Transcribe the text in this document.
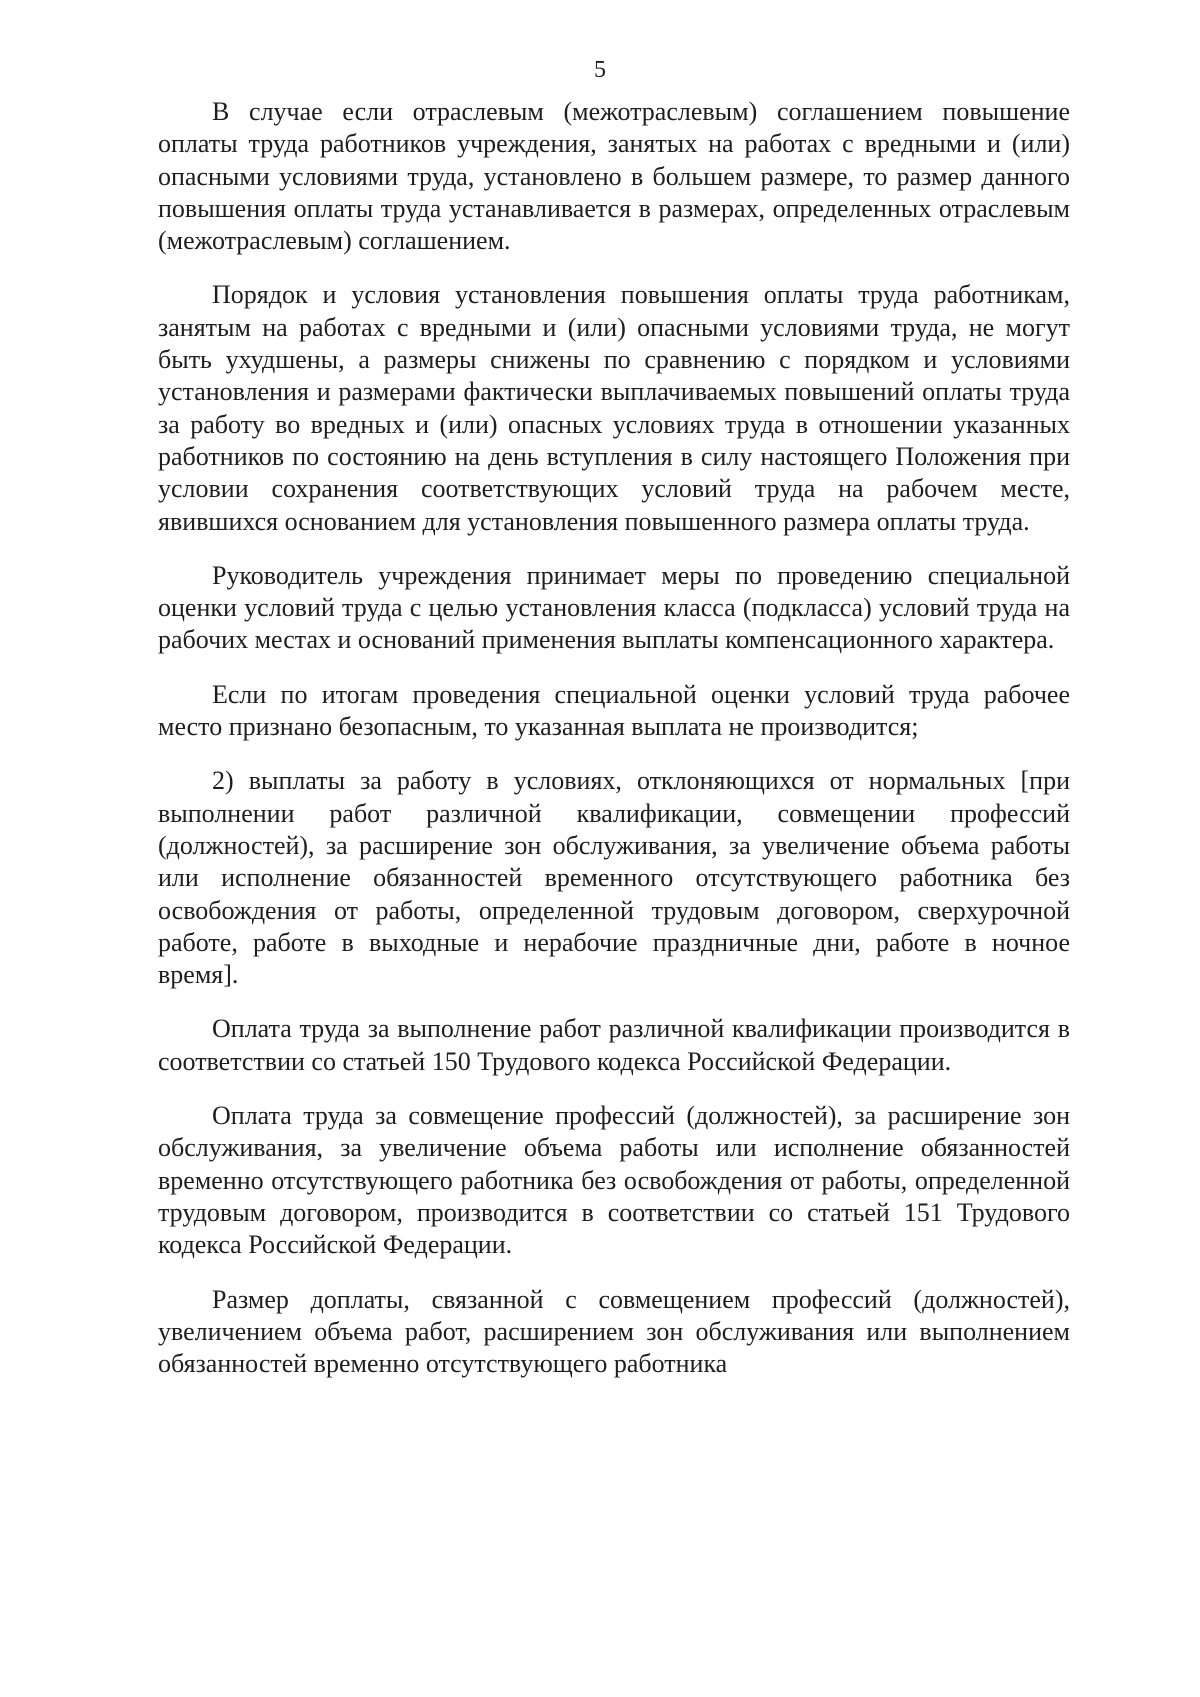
5

В случае если отраслевым (межотраслевым) соглашением повышение оплаты труда работников учреждения, занятых на работах с вредными и (или) опасными условиями труда, установлено в большем размере, то размер данного повышения оплаты труда устанавливается в размерах, определенных отраслевым (межотраслевым) соглашением.

Порядок и условия установления повышения оплаты труда работникам, занятым на работах с вредными и (или) опасными условиями труда, не могут быть ухудшены, а размеры снижены по сравнению с порядком и условиями установления и размерами фактически выплачиваемых повышений оплаты труда за работу во вредных и (или) опасных условиях труда в отношении указанных работников по состоянию на день вступления в силу настоящего Положения при условии сохранения соответствующих условий труда на рабочем месте, явившихся основанием для установления повышенного размера оплаты труда.

Руководитель учреждения принимает меры по проведению специальной оценки условий труда с целью установления класса (подкласса) условий труда на рабочих местах и оснований применения выплаты компенсационного характера.

Если по итогам проведения специальной оценки условий труда рабочее место признано безопасным, то указанная выплата не производится;

2) выплаты за работу в условиях, отклоняющихся от нормальных [при выполнении работ различной квалификации, совмещении профессий (должностей), за расширение зон обслуживания, за увеличение объема работы или исполнение обязанностей временного отсутствующего работника без освобождения от работы, определенной трудовым договором, сверхурочной работе, работе в выходные и нерабочие праздничные дни, работе в ночное время].

Оплата труда за выполнение работ различной квалификации производится в соответствии со статьей 150 Трудового кодекса Российской Федерации.

Оплата труда за совмещение профессий (должностей), за расширение зон обслуживания, за увеличение объема работы или исполнение обязанностей временно отсутствующего работника без освобождения от работы, определенной трудовым договором, производится в соответствии со статьей 151 Трудового кодекса Российской Федерации.

Размер доплаты, связанной с совмещением профессий (должностей), увеличением объема работ, расширением зон обслуживания или выполнением обязанностей временно отсутствующего работника
